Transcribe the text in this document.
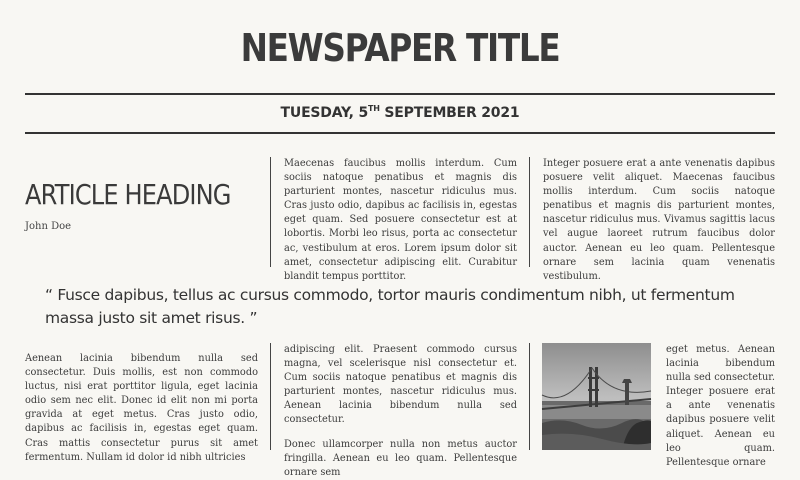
NEWSPAPER TITLE
TUESDAY, 5TH SEPTEMBER 2021
ARTICLE HEADING
John Doe

Maecenas faucibus mollis interdum. Cum sociis natoque penatibus et magnis dis parturient montes, nascetur ridiculus mus. Cras justo odio, dapibus ac facilisis in, egestas eget quam. Sed posuere consectetur est at lobortis. Morbi leo risus, porta ac consectetur ac, vestibulum at eros. Lorem ipsum dolor sit amet, consectetur adipiscing elit. Curabitur blandit tempus porttitor.

Integer posuere erat a ante venenatis dapibus posuere velit aliquet. Maecenas faucibus mollis interdum. Cum sociis natoque penatibus et magnis dis parturient montes, nascetur ridiculus mus. Vivamus sagittis lacus vel augue laoreet rutrum faucibus dolor auctor. Aenean eu leo quam. Pellentesque ornare sem lacinia quam venenatis vestibulum.

“ Fusce dapibus, tellus ac cursus commodo, tortor mauris condimentum nibh, ut fermentum massa justo sit amet risus. ”

Aenean lacinia bibendum nulla sed consectetur. Duis mollis, est non commodo luctus, nisi erat porttitor ligula, eget lacinia odio sem nec elit. Donec id elit non mi porta gravida at eget metus. Cras justo odio, dapibus ac facilisis in, egestas eget quam. Cras mattis consectetur purus sit amet fermentum. Nullam id dolor id nibh ultricies

adipiscing elit. Praesent commodo cursus magna, vel scelerisque nisl consectetur et. Cum sociis natoque penatibus et magnis dis parturient montes, nascetur ridiculus mus. Aenean lacinia bibendum nulla sed consectetur.

Donec ullamcorper nulla non metus auctor fringilla. Aenean eu leo quam. Pellentesque ornare sem

eget metus. Aenean lacinia bibendum nulla sed consectetur. Integer posuere erat a ante venenatis dapibus posuere velit aliquet. Aenean eu leo quam. Pellentesque ornare
